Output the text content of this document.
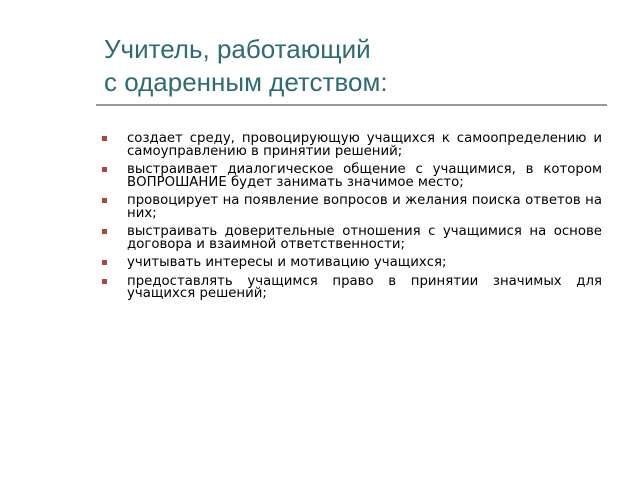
Учитель, работающий
с одаренным детством:
создает среду, провоцирующую учащихся к самоопределению и самоуправлению в принятии решений;
выстраивает диалогическое общение с учащимися, в котором ВОПРОШАНИЕ будет занимать значимое место;
провоцирует на появление вопросов и желания поиска ответов на них;
выстраивать доверительные отношения с учащимися на основе договора и взаимной ответственности;
учитывать интересы и мотивацию учащихся;
предоставлять учащимся право в принятии значимых для учащихся решений;
